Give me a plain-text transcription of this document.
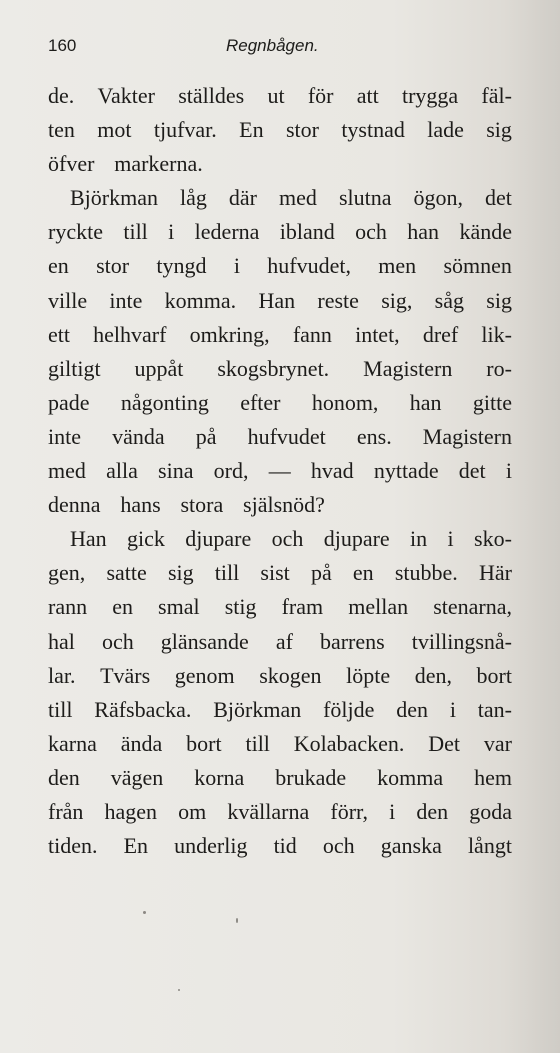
160	Regnbågen.
de. Vakter ställdes ut för att trygga fäl-
ten mot tjufvar. En stor tystnad lade sig
öfver markerna.
Björkman låg där med slutna ögon, det
ryckte till i lederna ibland och han kände
en stor tyngd i hufvudet, men sömnen
ville inte komma. Han reste sig, såg sig
ett helhvarf omkring, fann intet, dref lik-
giltigt uppåt skogsbrynet. Magistern ro-
pade någonting efter honom, han gitte
inte vända på hufvudet ens. Magistern
med alla sina ord, — hvad nyttade det i
denna hans stora själsnöd?
Han gick djupare och djupare in i sko-
gen, satte sig till sist på en stubbe. Här
rann en smal stig fram mellan stenarna,
hal och glänsande af barrens tvillingsnå-
lar. Tvärs genom skogen löpte den, bort
till Räfsbacka. Björkman följde den i tan-
karna ända bort till Kolabacken. Det var
den vägen korna brukade komma hem
från hagen om kvällarna förr, i den goda
tiden. En underlig tid och ganska långt
